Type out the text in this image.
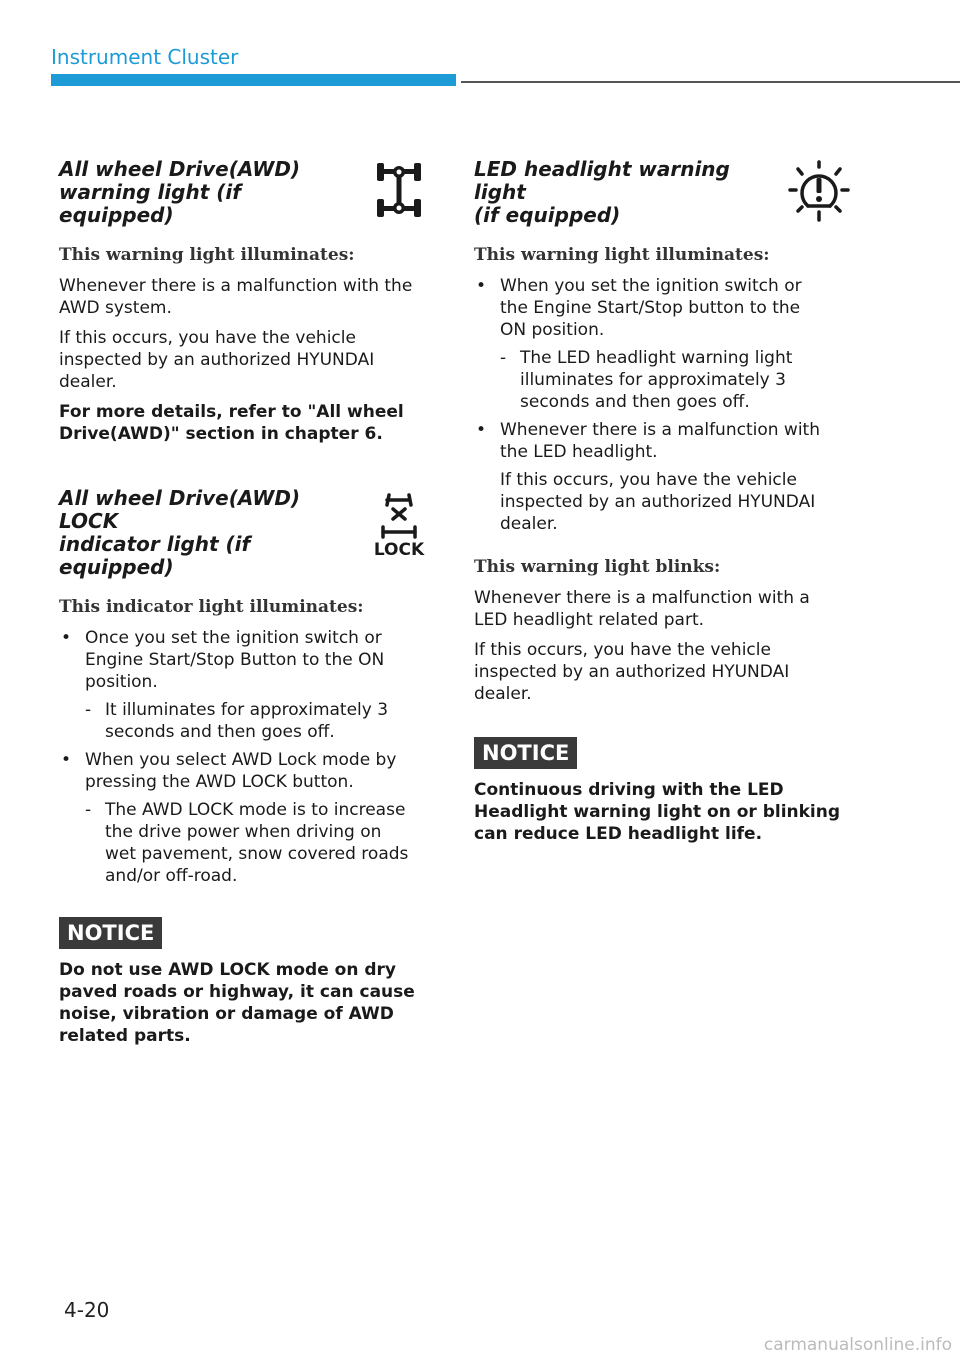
Instrument Cluster
All wheel Drive(AWD)
warning light (if equipped)
This warning light illuminates:

Whenever there is a malfunction with the
AWD system.

If this occurs, you have the vehicle
inspected by an authorized HYUNDAI
dealer.

For more details, refer to "All wheel
Drive(AWD)" section in chapter 6.

All wheel Drive(AWD) LOCK
indicator light (if equipped)
LOCK
This indicator light illuminates:
• Once you set the ignition switch or
Engine Start/Stop Button to the ON
position.
- It illuminates for approximately 3
seconds and then goes off.
• When you select AWD Lock mode by
pressing the AWD LOCK button.
- The AWD LOCK mode is to increase
the drive power when driving on
wet pavement, snow covered roads
and/or off-road.
NOTICE

Do not use AWD LOCK mode on dry
paved roads or highway, it can cause
noise, vibration or damage of AWD
related parts.

LED headlight warning light
(if equipped)
This warning light illuminates:
• When you set the ignition switch or
the Engine Start/Stop button to the
ON position.
- The LED headlight warning light
illuminates for approximately 3
seconds and then goes off.
• Whenever there is a malfunction with
the LED headlight.
If this occurs, you have the vehicle
inspected by an authorized HYUNDAI
dealer.
This warning light blinks:

Whenever there is a malfunction with a
LED headlight related part.

If this occurs, you have the vehicle
inspected by an authorized HYUNDAI
dealer.

NOTICE

Continuous driving with the LED
Headlight warning light on or blinking
can reduce LED headlight life.

4-20
carmanualsonline.info
